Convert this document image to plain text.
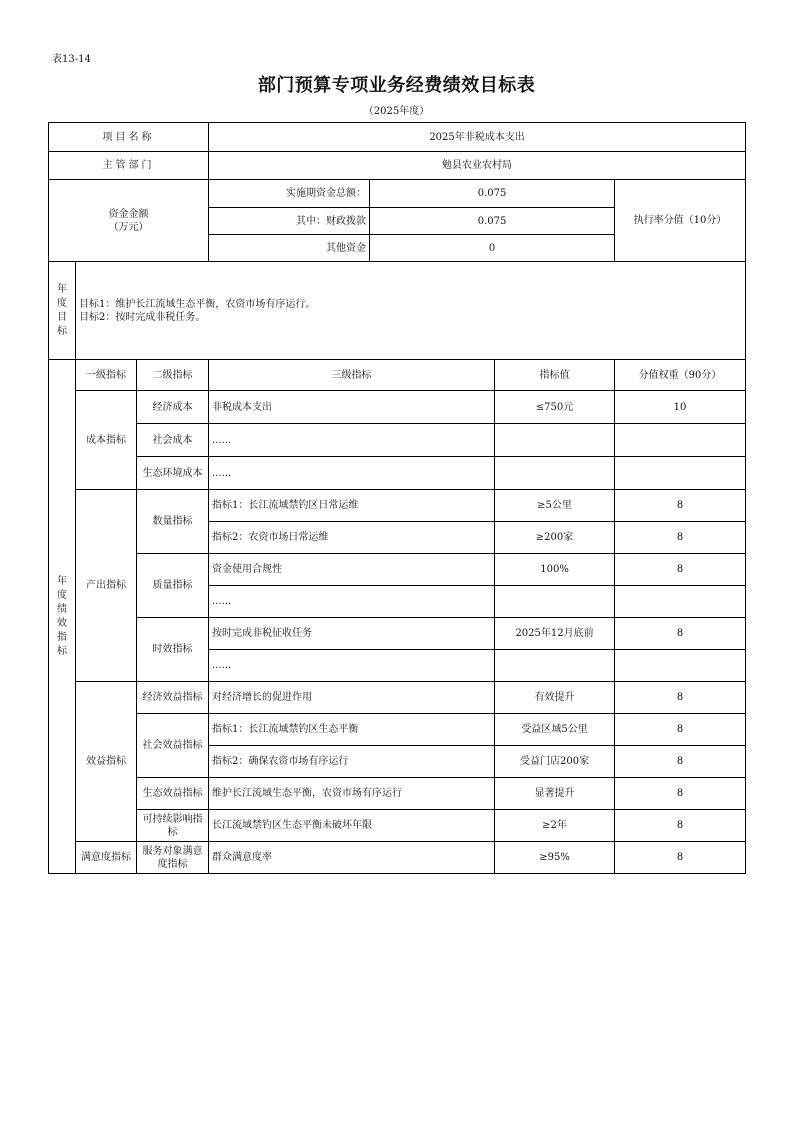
表13-14
部门预算专项业务经费绩效目标表
（2025年度）
项目名称			2025年非税成本支出			
主管部门			勉县农业农村局			

资金金额
（万元）			实施期资金总额：	0.075		执行率分值（10分）
			其中：财政拨款	0.075		
			其他资金	0		

年度目标	目标1：维护长江流域生态平衡，农资市场有序运行。
目标2：按时完成非税任务。					

年度绩效指标	一级指标	二级指标	三级指标		指标值	分值权重（90分）
	成本指标	经济成本	非税成本支出		≤750元	10
		社会成本	......			
		生态环境成本	......			
	产出指标	数量指标	指标1：长江流域禁钓区日常运维		≥5公里	8
			指标2：农资市场日常运维		≥200家	8
		质量指标	资金使用合规性		100%	8
			......			
		时效指标	按时完成非税征收任务		2025年12月底前	8
			......			
	效益指标	经济效益指标	对经济增长的促进作用		有效提升	8
		社会效益指标	指标1：长江流域禁钓区生态平衡		受益区域5公里	8
			指标2：确保农资市场有序运行		受益门店200家	8
		生态效益指标	维护长江流域生态平衡，农资市场有序运行		显著提升	8
		可持续影响指标	长江流域禁钓区生态平衡未破坏年限		≥2年	8
	满意度指标	服务对象满意度指标	群众满意度率		≥95%	8
